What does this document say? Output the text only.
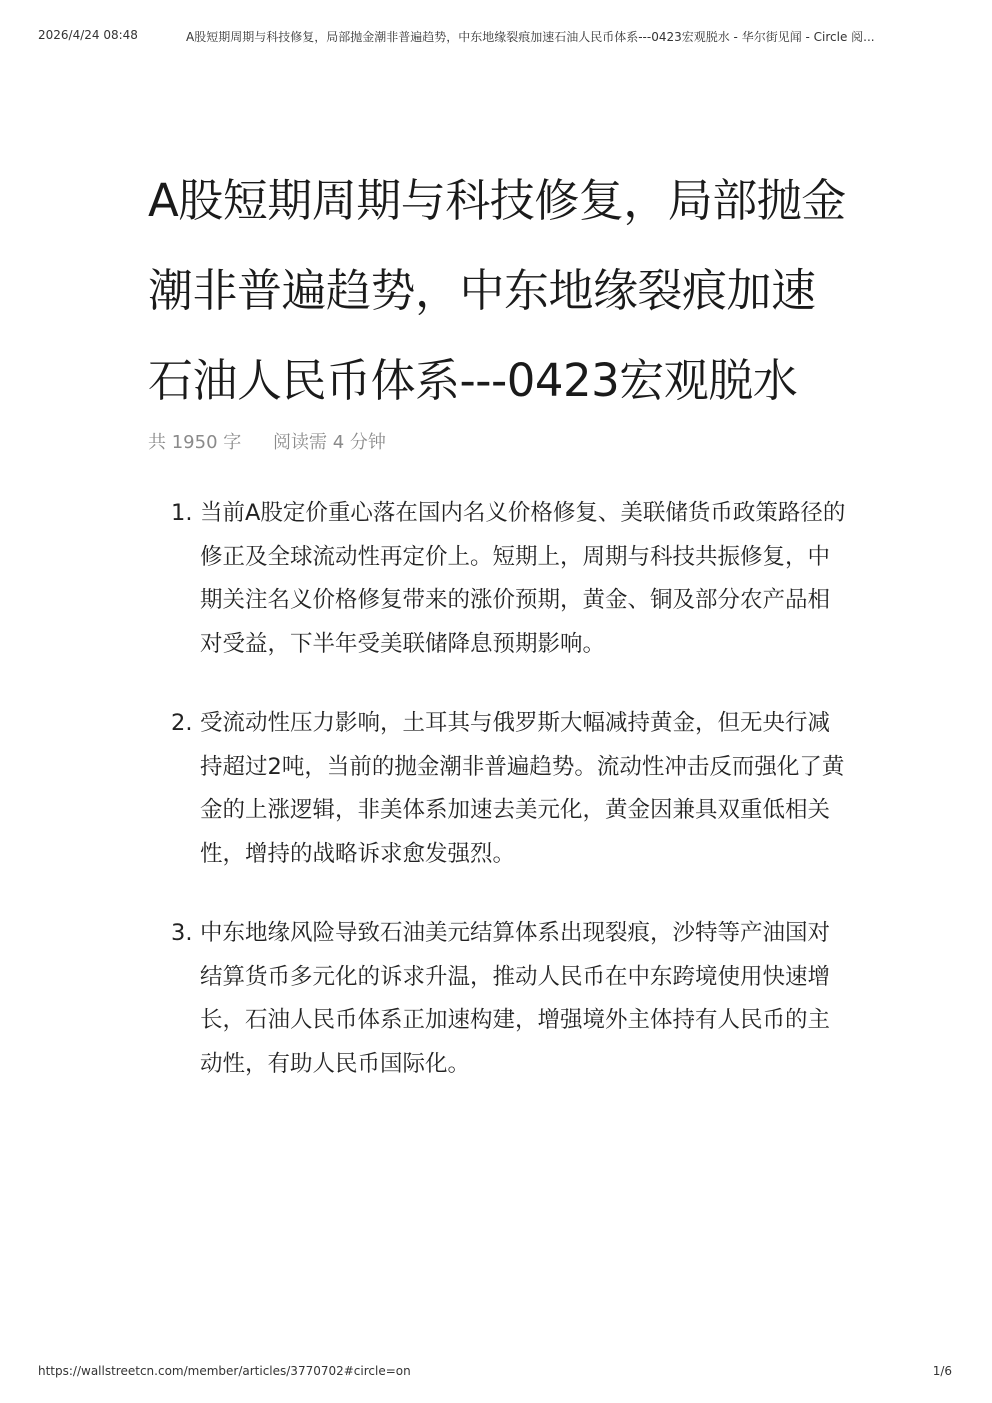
2026/4/24 08:48	A股短期周期与科技修复，局部抛金潮非普遍趋势，中东地缘裂痕加速石油人民币体系---0423宏观脱水 - 华尔街见闻 - Circle 阅...
A股短期周期与科技修复，局部抛金潮非普遍趋势，中东地缘裂痕加速石油人民币体系---0423宏观脱水
共 1950 字 阅读需 4 分钟
1. 当前A股定价重心落在国内名义价格修复、美联储货币政策路径的修正及全球流动性再定价上。短期上，周期与科技共振修复，中期关注名义价格修复带来的涨价预期，黄金、铜及部分农产品相对受益，下半年受美联储降息预期影响。
2. 受流动性压力影响，土耳其与俄罗斯大幅减持黄金，但无央行减持超过2吨，当前的抛金潮非普遍趋势。流动性冲击反而强化了黄金的上涨逻辑，非美体系加速去美元化，黄金因兼具双重低相关性，增持的战略诉求愈发强烈。
3. 中东地缘风险导致石油美元结算体系出现裂痕，沙特等产油国对结算货币多元化的诉求升温，推动人民币在中东跨境使用快速增长，石油人民币体系正加速构建，增强境外主体持有人民币的主动性，有助人民币国际化。
https://wallstreetcn.com/member/articles/3770702#circle=on	1/6
